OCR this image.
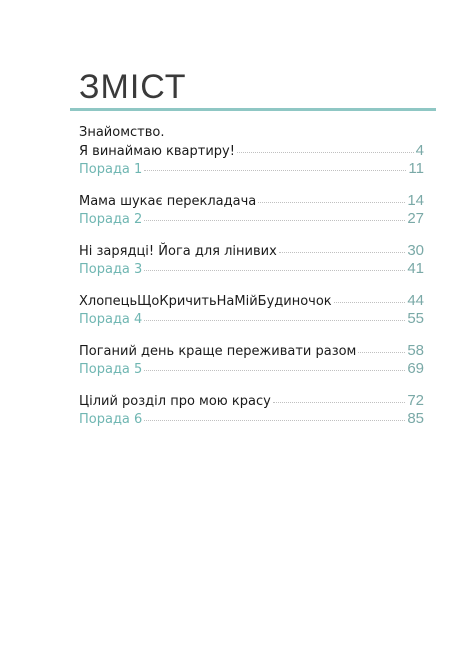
ЗМІСТ
Знайомство.
Я винаймаю квартиру!	4
Порада 1	11
Мама шукає перекладача	14
Порада 2	27
Ні зарядці! Йога для лінивих	30
Порада 3	41
ХлопецьЩоКричитьНаМійБудиночок	44
Порада 4	55
Поганий день краще переживати разом	58
Порада 5	69
Цілий розділ про мою красу	72
Порада 6	85
